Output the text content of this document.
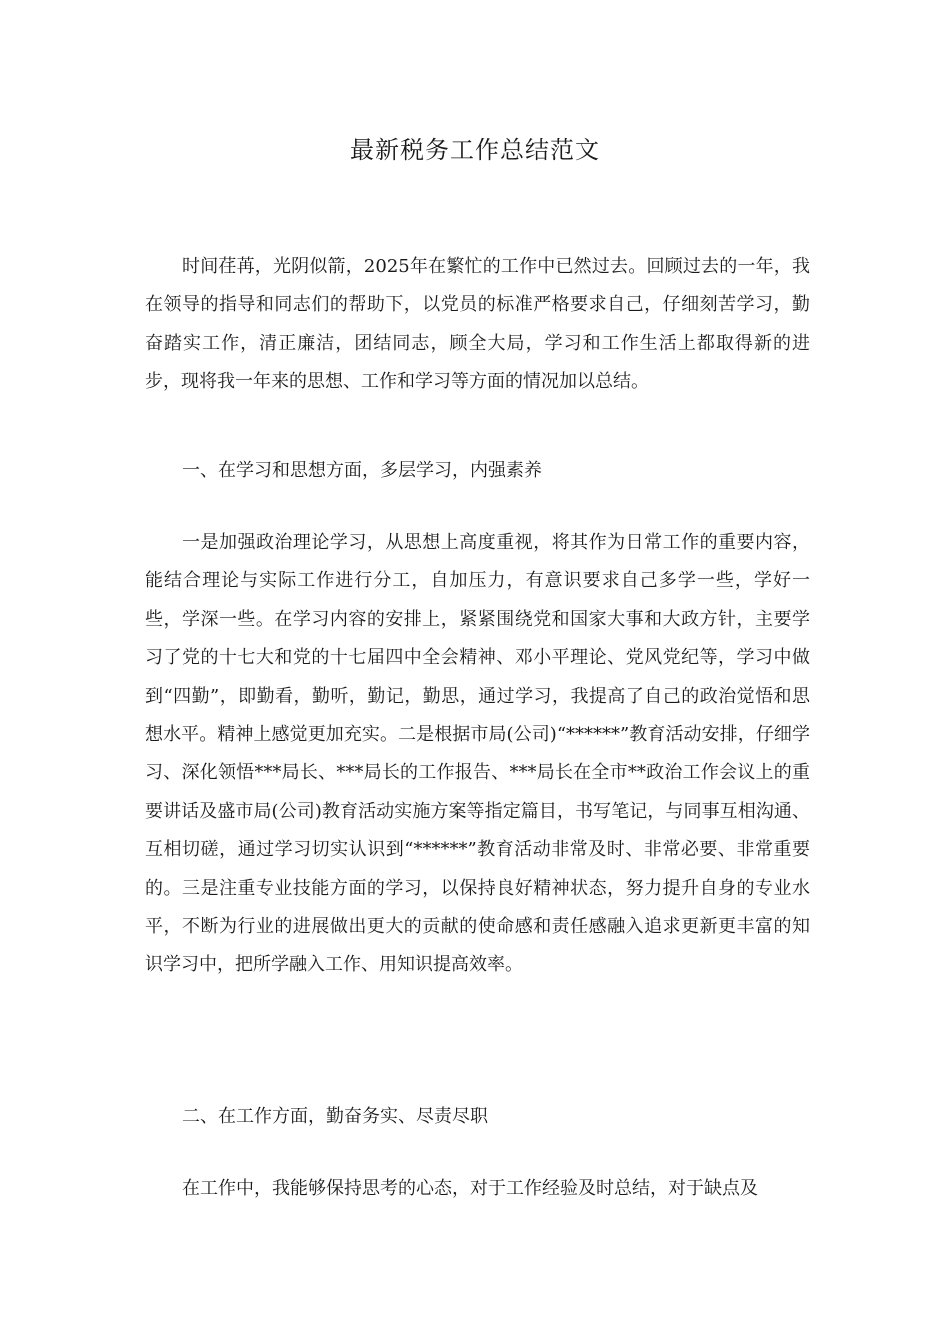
最新税务工作总结范文

时间荏苒，光阴似箭，2025年在繁忙的工作中已然过去。回顾过去的一年，我在领导的指导和同志们的帮助下，以党员的标准严格要求自己，仔细刻苦学习，勤奋踏实工作，清正廉洁，团结同志，顾全大局，学习和工作生活上都取得新的进步，现将我一年来的思想、工作和学习等方面的情况加以总结。

一、在学习和思想方面，多层学习，内强素养

一是加强政治理论学习，从思想上高度重视，将其作为日常工作的重要内容，能结合理论与实际工作进行分工，自加压力，有意识要求自己多学一些，学好一些，学深一些。在学习内容的安排上，紧紧围绕党和国家大事和大政方针，主要学习了党的十七大和党的十七届四中全会精神、邓小平理论、党风党纪等，学习中做到“四勤”，即勤看，勤听，勤记，勤思，通过学习，我提高了自己的政治觉悟和思想水平。精神上感觉更加充实。二是根据市局(公司)“******”教育活动安排，仔细学习、深化领悟***局长、***局长的工作报告、***局长在全市**政治工作会议上的重要讲话及盛市局(公司)教育活动实施方案等指定篇目，书写笔记，与同事互相沟通、互相切磋，通过学习切实认识到“******”教育活动非常及时、非常必要、非常重要的。三是注重专业技能方面的学习，以保持良好精神状态，努力提升自身的专业水平，不断为行业的进展做出更大的贡献的使命感和责任感融入追求更新更丰富的知识学习中，把所学融入工作、用知识提高效率。

二、在工作方面，勤奋务实、尽责尽职

在工作中，我能够保持思考的心态，对于工作经验及时总结，对于缺点及
